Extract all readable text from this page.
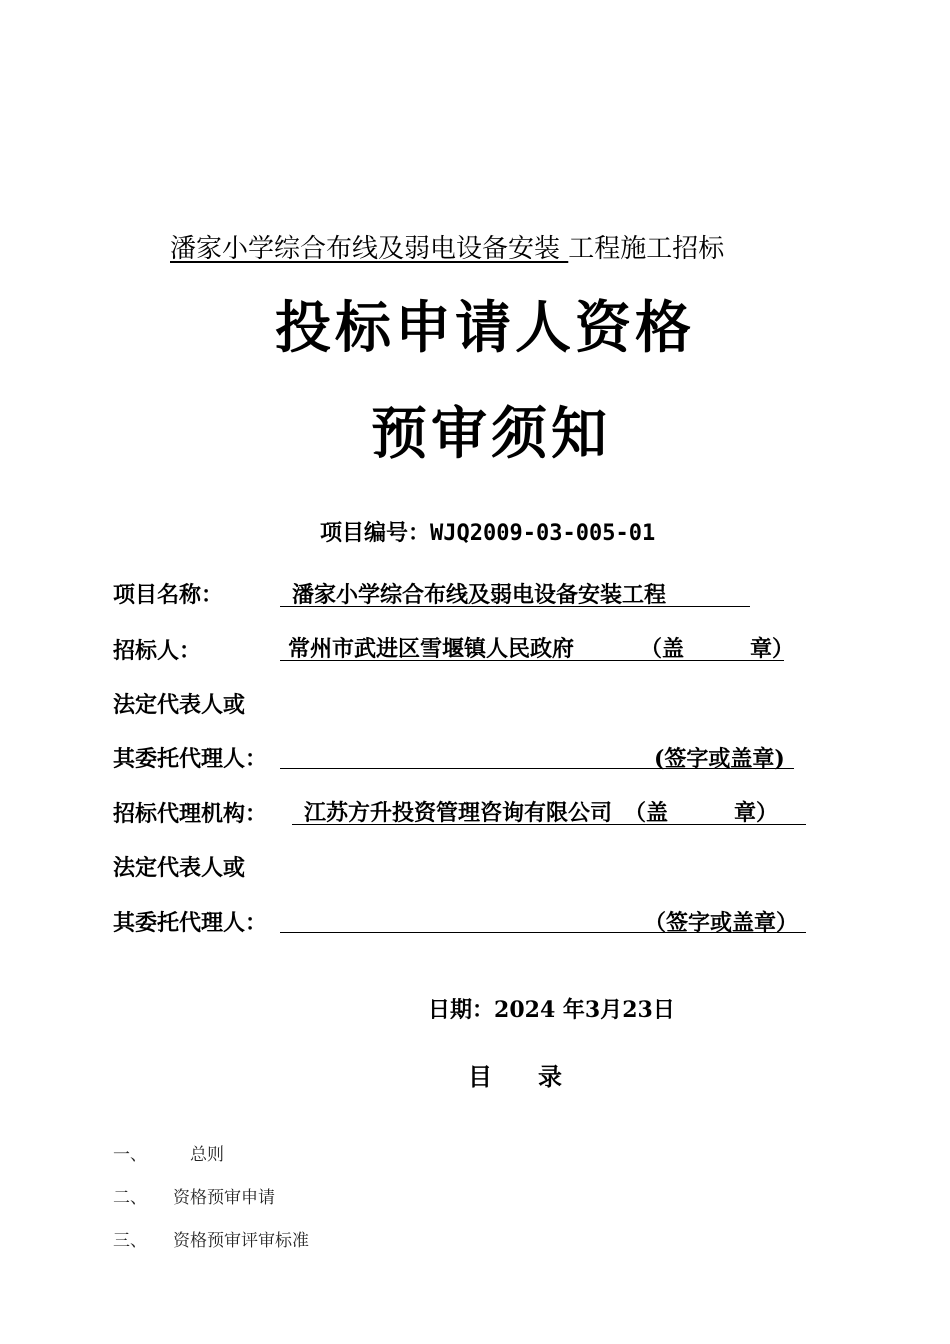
潘家小学综合布线及弱电设备安装 工程施工招标
投标申请人资格
预审须知
项目编号：WJQ2009-03-005-01
项目名称：	潘家小学综合布线及弱电设备安装工程
招标人：	常州市武进区雪堰镇人民政府	（盖　　　章）
法定代表人或
其委托代理人：	(签字或盖章)
招标代理机构： 江苏方升投资管理咨询有限公司 （盖　　　章）
法定代表人或
其委托代理人：	（签字或盖章）
日期：2024 年3月23日
目录
一、　总则
二、 资格预审申请
三、 资格预审评审标准
